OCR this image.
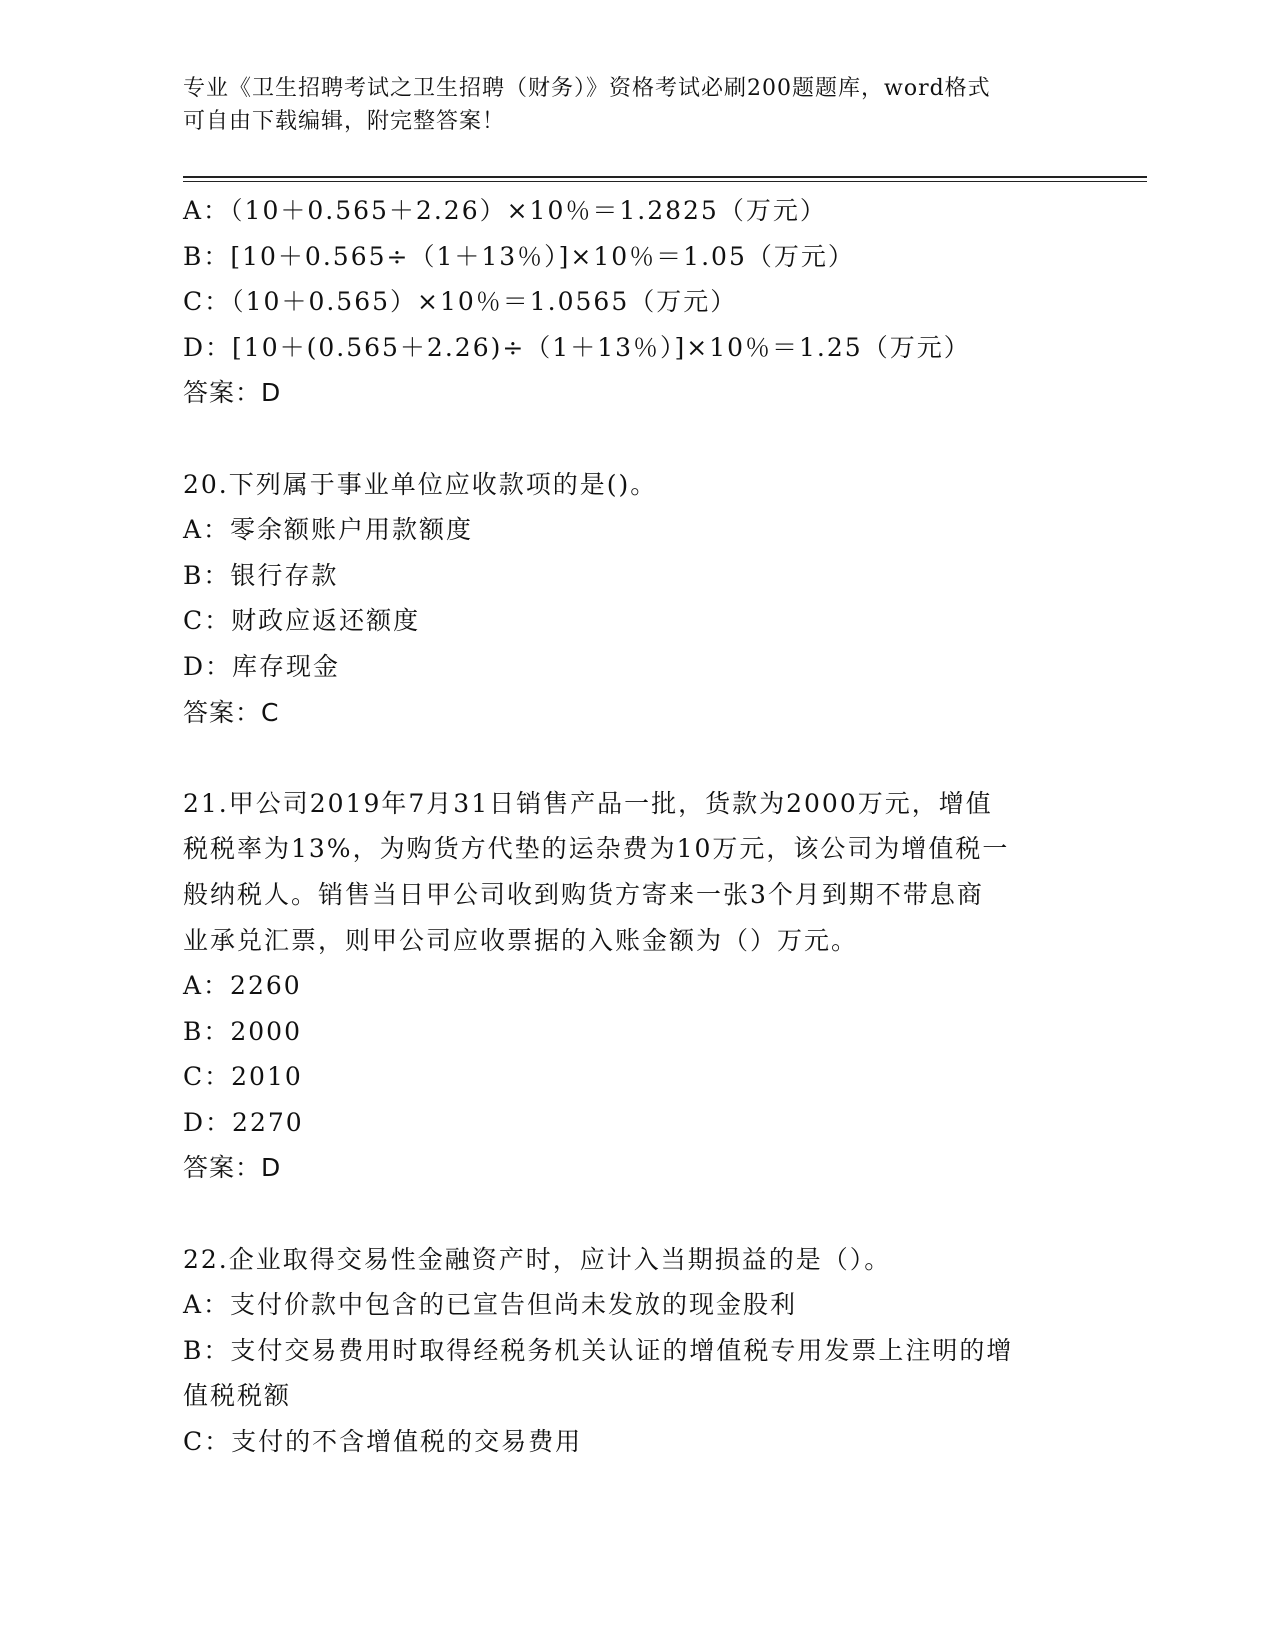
专业《卫生招聘考试之卫生招聘（财务）》资格考试必刷200题题库，word格式
可自由下载编辑，附完整答案！
A：（10＋0.565＋2.26）×10％＝1.2825（万元）
B：[10＋0.565÷（1＋13％）]×10％＝1.05（万元）
C：（10＋0.565）×10％＝1.0565（万元）
D：[10＋(0.565＋2.26)÷（1＋13％）]×10％＝1.25（万元）
答案：D
20.下列属于事业单位应收款项的是()。
A：零余额账户用款额度
B：银行存款
C：财政应返还额度
D：库存现金
答案：C
21.甲公司2019年7月31日销售产品一批，货款为2000万元，增值
税税率为13%，为购货方代垫的运杂费为10万元，该公司为增值税一
般纳税人。销售当日甲公司收到购货方寄来一张3个月到期不带息商
业承兑汇票，则甲公司应收票据的入账金额为（）万元。
A：2260
B：2000
C：2010
D：2270
答案：D
22.企业取得交易性金融资产时，应计入当期损益的是（）。
A：支付价款中包含的已宣告但尚未发放的现金股利
B：支付交易费用时取得经税务机关认证的增值税专用发票上注明的增
值税税额
C：支付的不含增值税的交易费用
